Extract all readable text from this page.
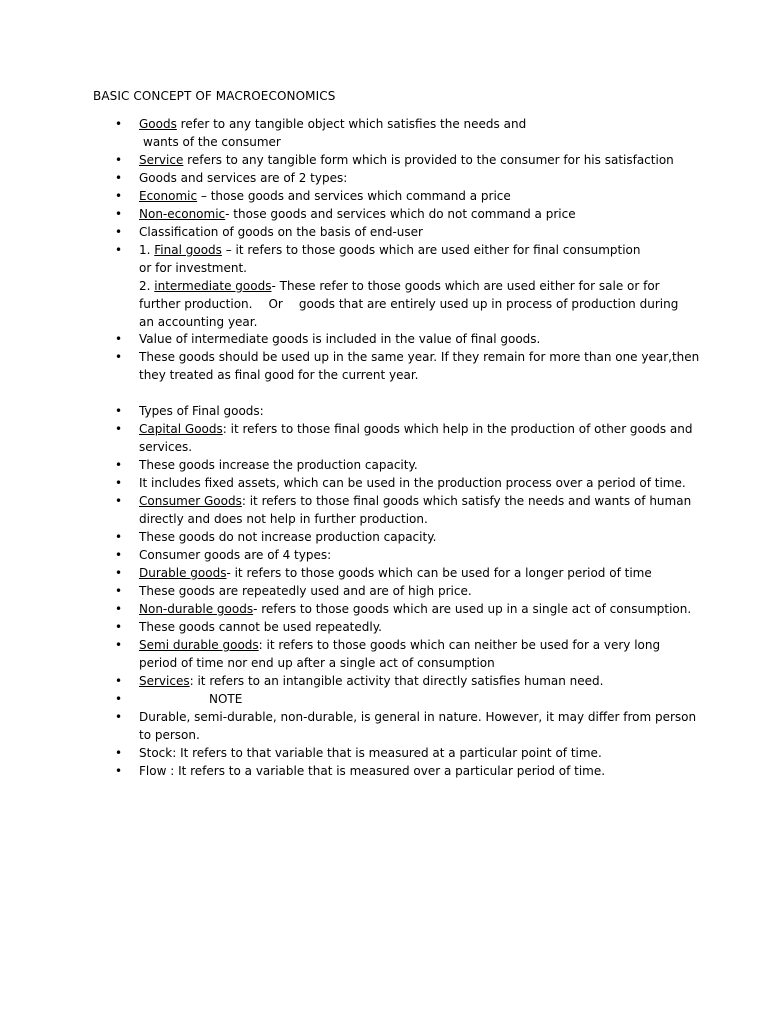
BASIC CONCEPT OF MACROECONOMICS
• Goods refer to any tangible object which satisfies the needs and
wants of the consumer
• Service refers to any tangible form which is provided to the consumer for his satisfaction
• Goods and services are of 2 types:
• Economic – those goods and services which command a price
• Non-economic- those goods and services which do not command a price
• Classification of goods on the basis of end-user
• 1. Final goods – it refers to those goods which are used either for final consumption
or for investment.
2. intermediate goods- These refer to those goods which are used either for sale or for
further production. Or goods that are entirely used up in process of production during
an accounting year.
• Value of intermediate goods is included in the value of final goods.
• These goods should be used up in the same year. If they remain for more than one year,then
they treated as final good for the current year.
• Types of Final goods:
• Capital Goods: it refers to those final goods which help in the production of other goods and
services.
• These goods increase the production capacity.
• It includes fixed assets, which can be used in the production process over a period of time.
• Consumer Goods: it refers to those final goods which satisfy the needs and wants of human
directly and does not help in further production.
• These goods do not increase production capacity.
• Consumer goods are of 4 types:
• Durable goods- it refers to those goods which can be used for a longer period of time
• These goods are repeatedly used and are of high price.
• Non-durable goods- refers to those goods which are used up in a single act of consumption.
• These goods cannot be used repeatedly.
• Semi durable goods: it refers to those goods which can neither be used for a very long
period of time nor end up after a single act of consumption
• Services: it refers to an intangible activity that directly satisfies human need.
•	NOTE
• Durable, semi-durable, non-durable, is general in nature. However, it may differ from person
to person.
• Stock: It refers to that variable that is measured at a particular point of time.
• Flow : It refers to a variable that is measured over a particular period of time.
